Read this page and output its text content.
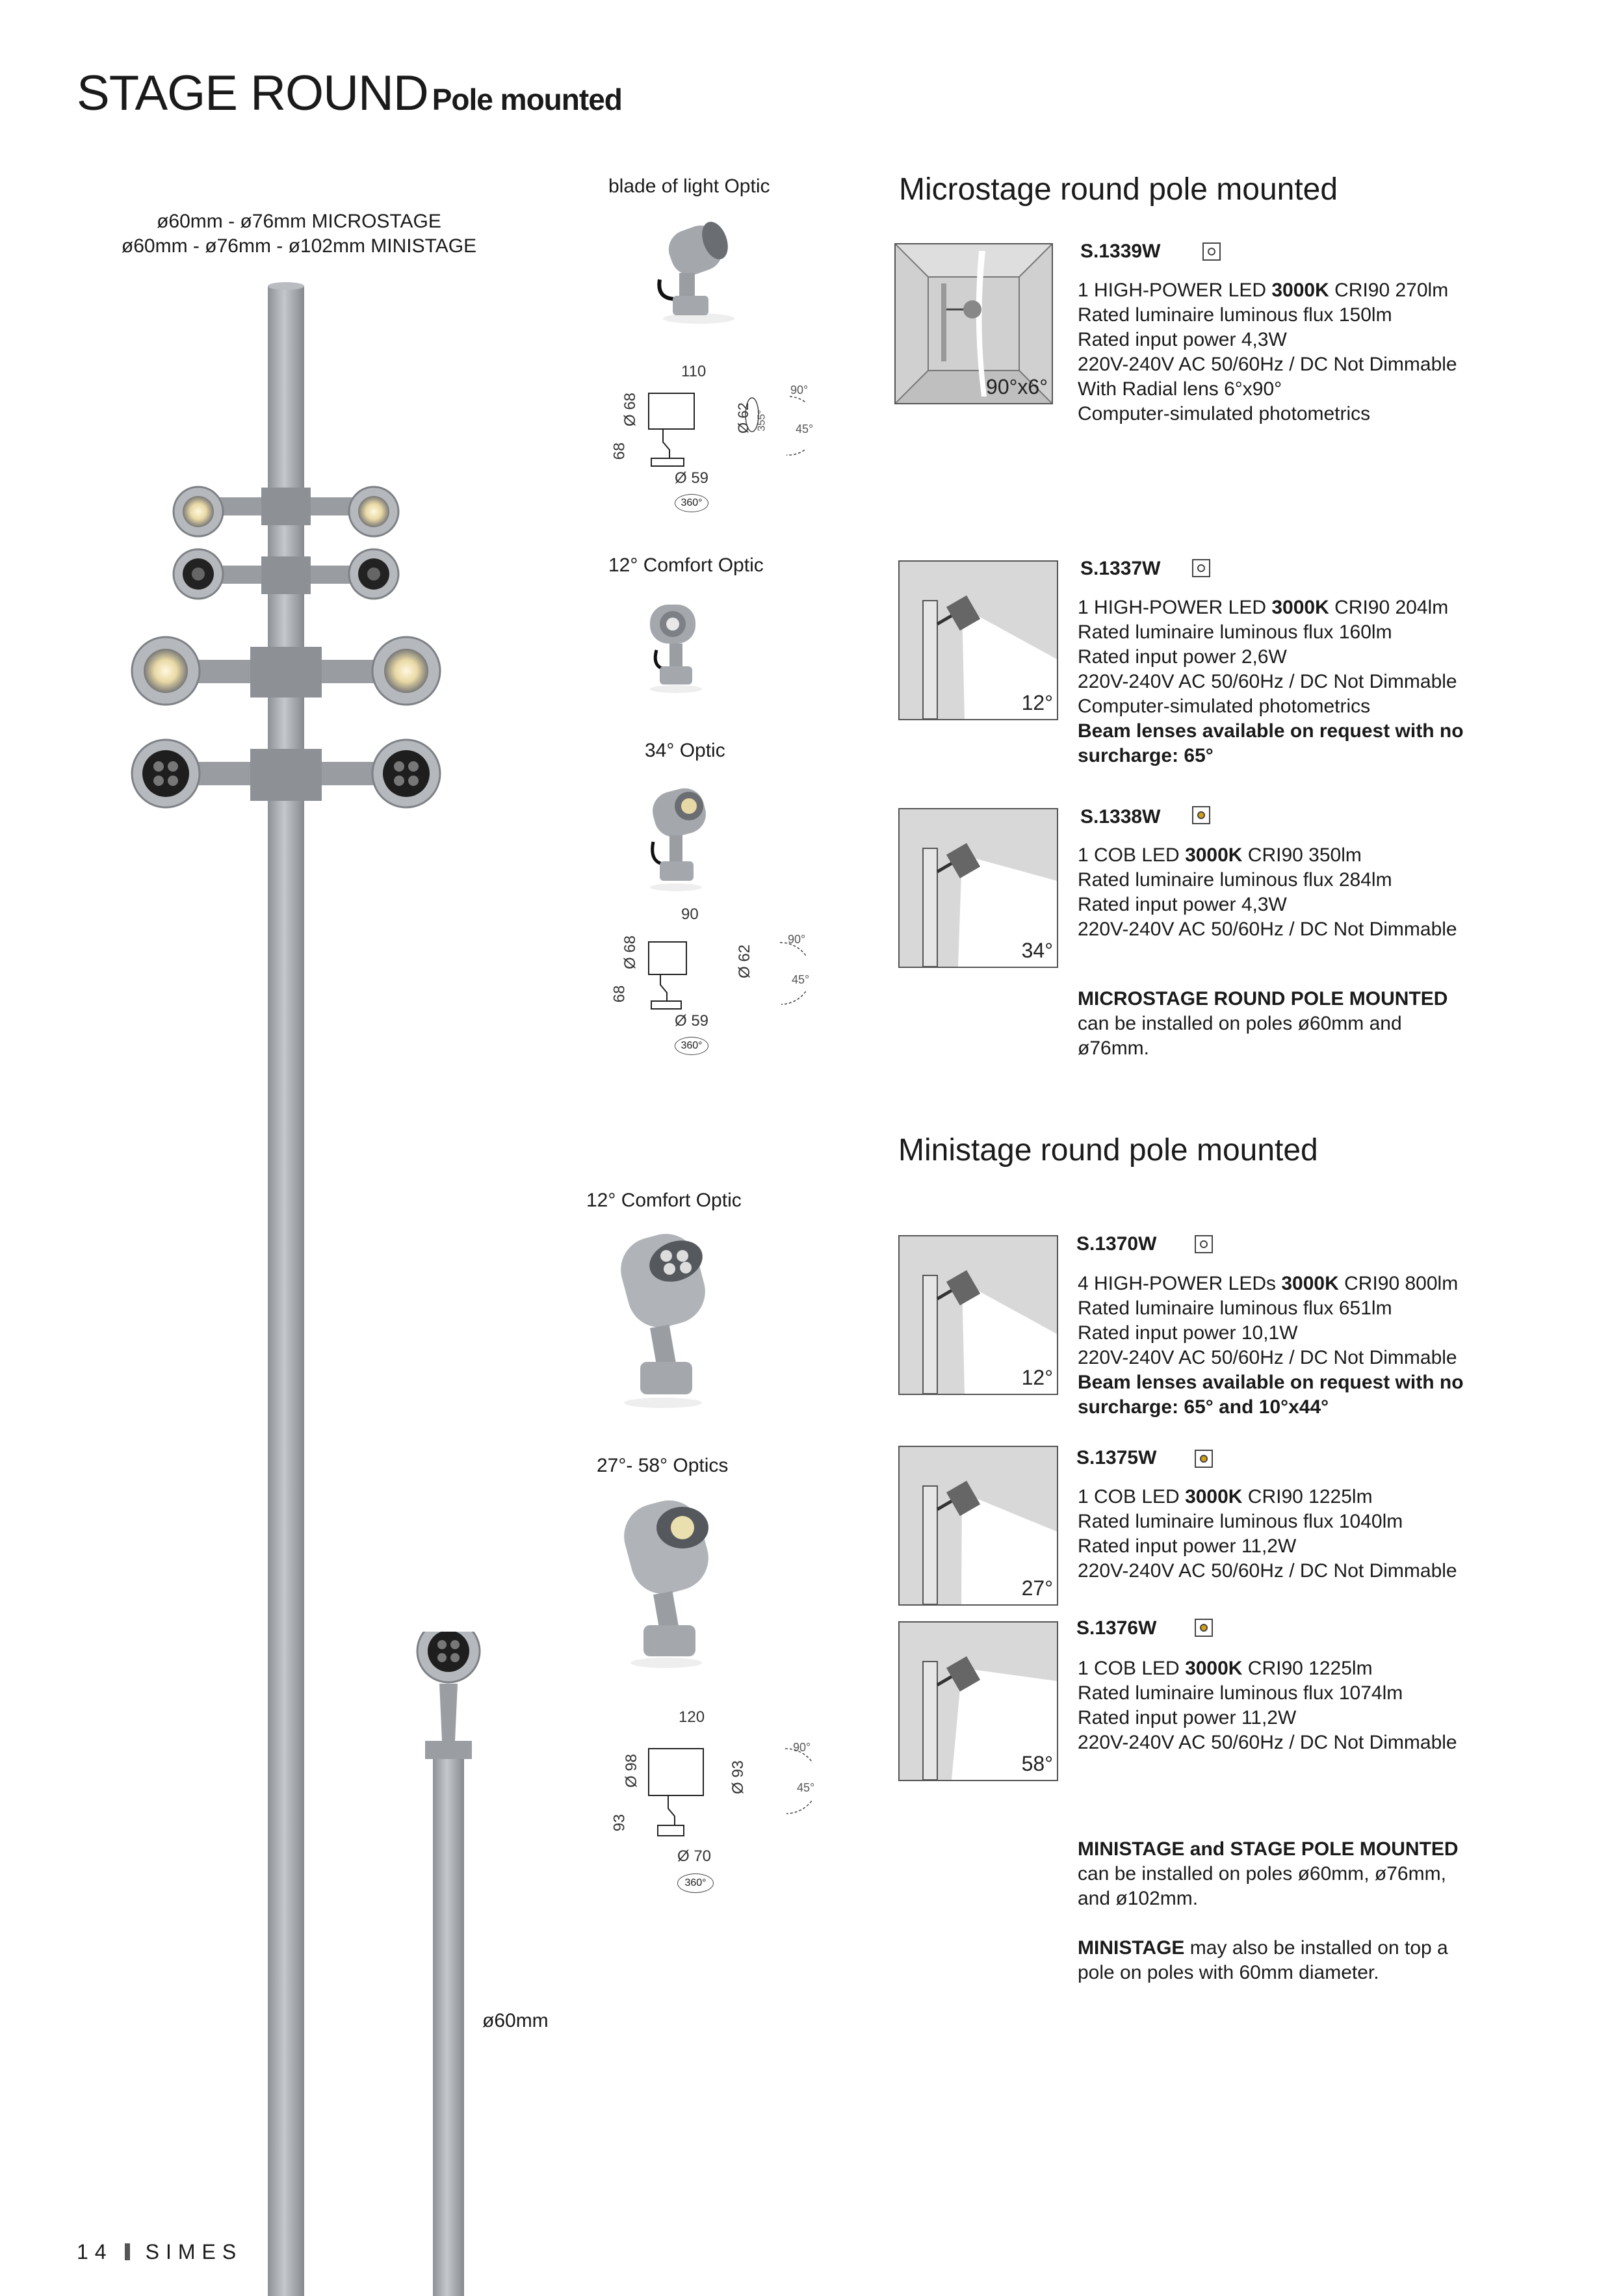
STAGE ROUND Pole mounted
ø60mm - ø76mm MICROSTAGE
ø60mm - ø76mm - ø102mm MINISTAGE
ø60mm
blade of light Optic
110
68
Ø 68	Ø 62 355°
90°
45°
Ø 59
360°
12° Comfort Optic
34° Optic
90
68
Ø 68	Ø 62
90°
45°
Ø 59
360°
12° Comfort Optic
27°- 58° Optics
120
93
Ø 98	Ø 93
90°
45°
Ø 70
360°
Microstage round pole mounted
90°x6°
S.1339W
1 HIGH-POWER LED 3000K CRI90 270lm
Rated luminaire luminous flux 150lm
Rated input power 4,3W
220V-240V AC 50/60Hz / DC Not Dimmable
With Radial lens 6°x90°
Computer-simulated photometrics
12°
S.1337W
1 HIGH-POWER LED 3000K CRI90 204lm
Rated luminaire luminous flux 160lm
Rated input power 2,6W
220V-240V AC 50/60Hz / DC Not Dimmable
Computer-simulated photometrics
Beam lenses available on request with no
surcharge: 65°
34°
S.1338W
1 COB LED 3000K CRI90 350lm
Rated luminaire luminous flux 284lm
Rated input power 4,3W
220V-240V AC 50/60Hz / DC Not Dimmable
MICROSTAGE ROUND POLE MOUNTED
can be installed on poles ø60mm and
ø76mm.
Ministage round pole mounted
12°
S.1370W
4 HIGH-POWER LEDs 3000K CRI90 800lm
Rated luminaire luminous flux 651lm
Rated input power 10,1W
220V-240V AC 50/60Hz / DC Not Dimmable
Beam lenses available on request with no
surcharge: 65° and 10°x44°
27°
S.1375W
1 COB LED 3000K CRI90 1225lm
Rated luminaire luminous flux 1040lm
Rated input power 11,2W
220V-240V AC 50/60Hz / DC Not Dimmable
58°
S.1376W
1 COB LED 3000K CRI90 1225lm
Rated luminaire luminous flux 1074lm
Rated input power 11,2W
220V-240V AC 50/60Hz / DC Not Dimmable
MINISTAGE and STAGE POLE MOUNTED
can be installed on poles ø60mm, ø76mm,
and ø102mm.
MINISTAGE may also be installed on top a
pole on poles with 60mm diameter.
14 SIMES
